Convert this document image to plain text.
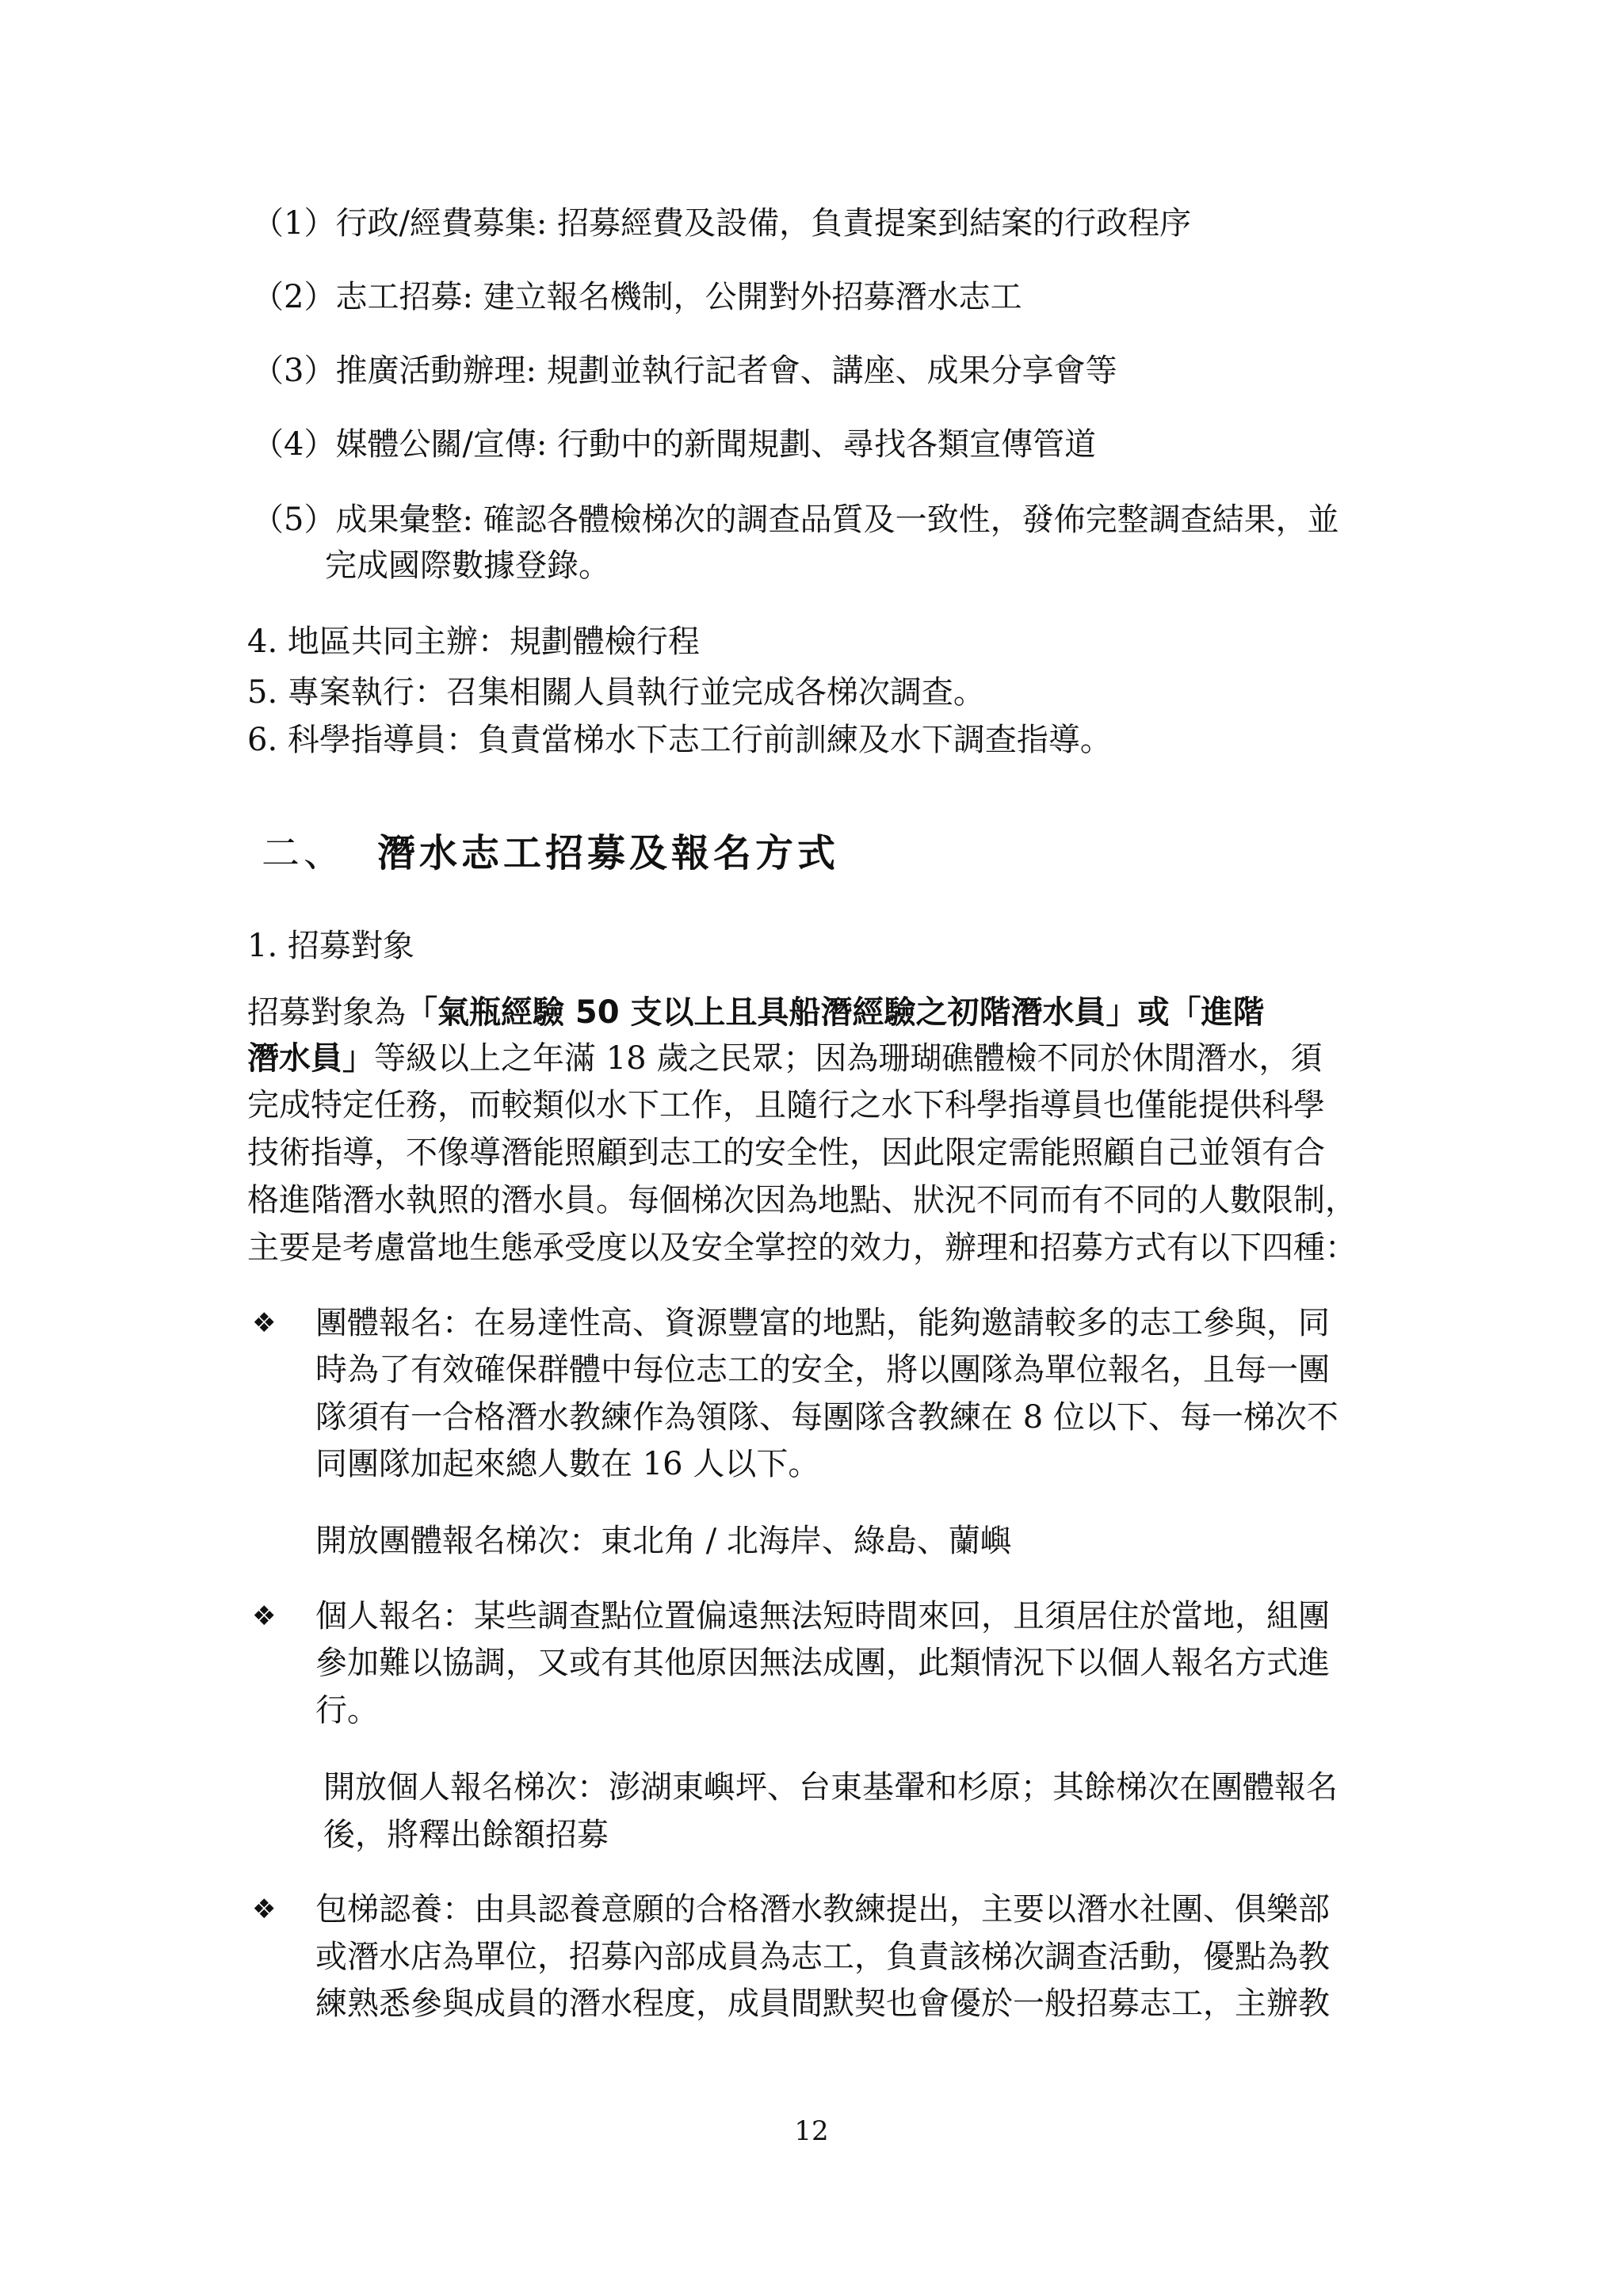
（1）行政/經費募集: 招募經費及設備，負責提案到結案的行政程序
（2）志工招募: 建立報名機制，公開對外招募潛水志工
（3）推廣活動辦理: 規劃並執行記者會、講座、成果分享會等
（4）媒體公關/宣傳: 行動中的新聞規劃、尋找各類宣傳管道
（5）成果彙整: 確認各體檢梯次的調查品質及一致性，發佈完整調查結果，並
完成國際數據登錄。
4. 地區共同主辦：規劃體檢行程
5. 專案執行：召集相關人員執行並完成各梯次調查。
6. 科學指導員：負責當梯水下志工行前訓練及水下調查指導。
二、 潛水志工招募及報名方式
1. 招募對象
招募對象為「氣瓶經驗 50 支以上且具船潛經驗之初階潛水員」或「進階
潛水員」等級以上之年滿 18 歲之民眾；因為珊瑚礁體檢不同於休閒潛水，須
完成特定任務，而較類似水下工作，且隨行之水下科學指導員也僅能提供科學
技術指導，不像導潛能照顧到志工的安全性，因此限定需能照顧自己並領有合
格進階潛水執照的潛水員。每個梯次因為地點、狀況不同而有不同的人數限制，
主要是考慮當地生態承受度以及安全掌控的效力，辦理和招募方式有以下四種：
❖ 團體報名：在易達性高、資源豐富的地點，能夠邀請較多的志工參與，同
時為了有效確保群體中每位志工的安全，將以團隊為單位報名，且每一團
隊須有一合格潛水教練作為領隊、每團隊含教練在 8 位以下、每一梯次不
同團隊加起來總人數在 16 人以下。
開放團體報名梯次：東北角 / 北海岸、綠島、蘭嶼
❖ 個人報名：某些調查點位置偏遠無法短時間來回，且須居住於當地，組團
參加難以協調，又或有其他原因無法成團，此類情況下以個人報名方式進
行。
開放個人報名梯次：澎湖東嶼坪、台東基翬和杉原；其餘梯次在團體報名
後，將釋出餘額招募
❖ 包梯認養：由具認養意願的合格潛水教練提出，主要以潛水社團、俱樂部
或潛水店為單位，招募內部成員為志工，負責該梯次調查活動，優點為教
練熟悉參與成員的潛水程度，成員間默契也會優於一般招募志工，主辦教
12
